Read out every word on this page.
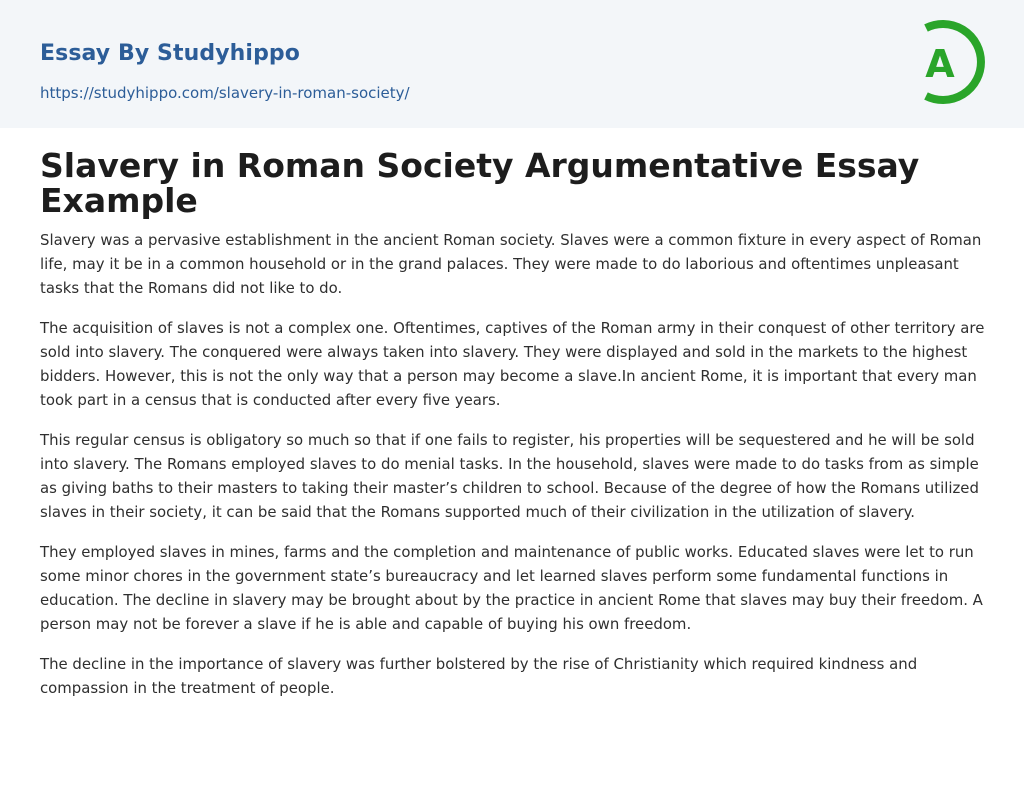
Essay By Studyhippo
https://studyhippo.com/slavery-in-roman-society/
A
Slavery in Roman Society Argumentative Essay Example

Slavery was a pervasive establishment in the ancient Roman society. Slaves were a common fixture in every aspect of Roman life, may it be in a common household or in the grand palaces. They were made to do laborious and oftentimes unpleasant tasks that the Romans did not like to do.

The acquisition of slaves is not a complex one. Oftentimes, captives of the Roman army in their conquest of other territory are sold into slavery. The conquered were always taken into slavery. They were displayed and sold in the markets to the highest bidders. However, this is not the only way that a person may become a slave.In ancient Rome, it is important that every man took part in a census that is conducted after every five years.

This regular census is obligatory so much so that if one fails to register, his properties will be sequestered and he will be sold into slavery. The Romans employed slaves to do menial tasks. In the household, slaves were made to do tasks from as simple as giving baths to their masters to taking their master’s children to school. Because of the degree of how the Romans utilized slaves in their society, it can be said that the Romans supported much of their civilization in the utilization of slavery.

They employed slaves in mines, farms and the completion and maintenance of public works. Educated slaves were let to run some minor chores in the government state’s bureaucracy and let learned slaves perform some fundamental functions in education. The decline in slavery may be brought about by the practice in ancient Rome that slaves may buy their freedom. A person may not be forever a slave if he is able and capable of buying his own freedom.

The decline in the importance of slavery was further bolstered by the rise of Christianity which required kindness and compassion in the treatment of people.
